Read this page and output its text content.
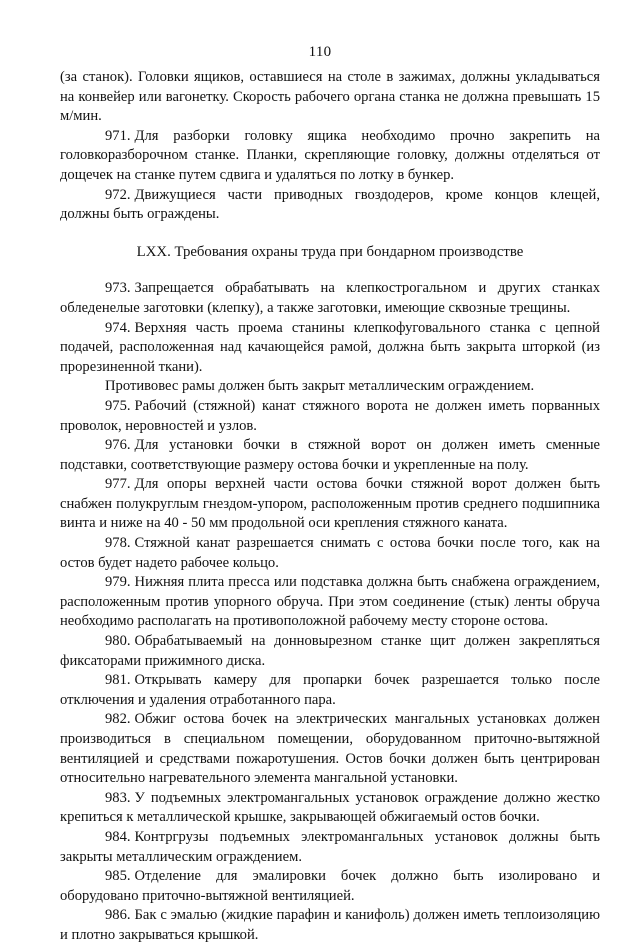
110

(за станок). Головки ящиков, оставшиеся на столе в зажимах, должны укладываться на конвейер или вагонетку. Скорость рабочего органа станка не должна превышать 15 м/мин.

971. Для разборки головку ящика необходимо прочно закрепить на головкоразборочном станке. Планки, скрепляющие головку, должны отделяться от дощечек на станке путем сдвига и удаляться по лотку в бункер.

972. Движущиеся части приводных гвоздодеров, кроме концов клещей, должны быть ограждены.

LXX. Требования охраны труда при бондарном производстве

973. Запрещается обрабатывать на клепкострогальном и других станках обледенелые заготовки (клепку), а также заготовки, имеющие сквозные трещины.

974. Верхняя часть проема станины клепкофуговального станка с цепной подачей, расположенная над качающейся рамой, должна быть закрыта шторкой (из прорезиненной ткани).

Противовес рамы должен быть закрыт металлическим ограждением.

975. Рабочий (стяжной) канат стяжного ворота не должен иметь порванных проволок, неровностей и узлов.

976. Для установки бочки в стяжной ворот он должен иметь сменные подставки, соответствующие размеру остова бочки и укрепленные на полу.

977. Для опоры верхней части остова бочки стяжной ворот должен быть снабжен полукруглым гнездом-упором, расположенным против среднего подшипника винта и ниже на 40 - 50 мм продольной оси крепления стяжного каната.

978. Стяжной канат разрешается снимать с остова бочки после того, как на остов будет надето рабочее кольцо.

979. Нижняя плита пресса или подставка должна быть снабжена ограждением, расположенным против упорного обруча. При этом соединение (стык) ленты обруча необходимо располагать на противоположной рабочему месту стороне остова.

980. Обрабатываемый на донновырезном станке щит должен закрепляться фиксаторами прижимного диска.

981. Открывать камеру для пропарки бочек разрешается только после отключения и удаления отработанного пара.

982. Обжиг остова бочек на электрических мангальных установках должен производиться в специальном помещении, оборудованном приточно-вытяжной вентиляцией и средствами пожаротушения. Остов бочки должен быть центрирован относительно нагревательного элемента мангальной установки.

983. У подъемных электромангальных установок ограждение должно жестко крепиться к металлической крышке, закрывающей обжигаемый остов бочки.

984. Контргрузы подъемных электромангальных установок должны быть закрыты металлическим ограждением.

985. Отделение для эмалировки бочек должно быть изолировано и оборудовано приточно-вытяжной вентиляцией.

986. Бак с эмалью (жидкие парафин и канифоль) должен иметь теплоизоляцию и плотно закрываться крышкой.
